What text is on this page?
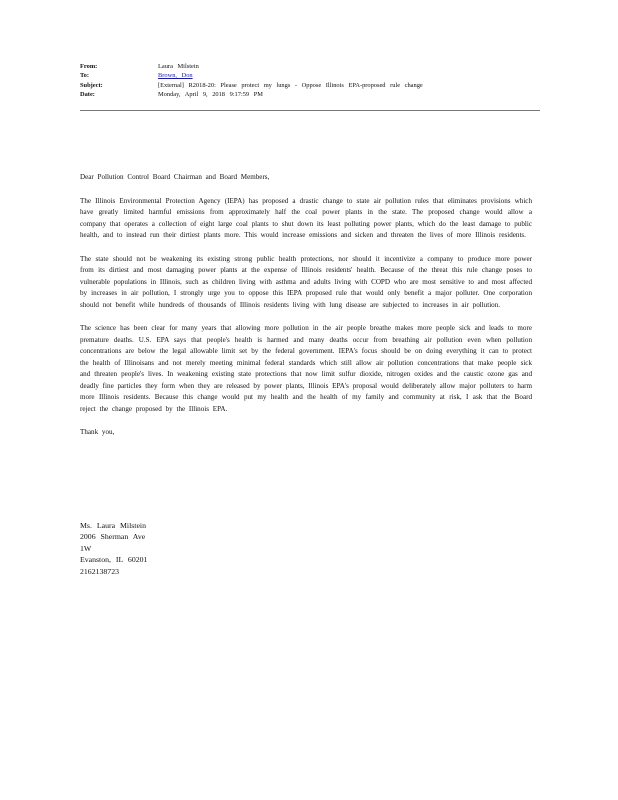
From:	Laura Milstein
To:	Brown, Don
Subject:	[External] R2018-20: Please protect my lungs - Oppose Illinois EPA-proposed rule change
Date:	Monday, April 9, 2018 9:17:59 PM

Dear Pollution Control Board Chairman and Board Members,

The Illinois Environmental Protection Agency (IEPA) has proposed a drastic change to state air pollution rules that eliminates provisions which have greatly limited harmful emissions from approximately half the coal power plants in the state. The proposed change would allow a company that operates a collection of eight large coal plants to shut down its least polluting power plants, which do the least damage to public health, and to instead run their dirtiest plants more. This would increase emissions and sicken and threaten the lives of more Illinois residents.

The state should not be weakening its existing strong public health protections, nor should it incentivize a company to produce more power from its dirtiest and most damaging power plants at the expense of Illinois residents' health. Because of the threat this rule change poses to vulnerable populations in Illinois, such as children living with asthma and adults living with COPD who are most sensitive to and most affected by increases in air pollution, I strongly urge you to oppose this IEPA proposed rule that would only benefit a major polluter. One corporation should not benefit while hundreds of thousands of Illinois residents living with lung disease are subjected to increases in air pollution.

The science has been clear for many years that allowing more pollution in the air people breathe makes more people sick and leads to more premature deaths. U.S. EPA says that people's health is harmed and many deaths occur from breathing air pollution even when pollution concentrations are below the legal allowable limit set by the federal government. IEPA's focus should be on doing everything it can to protect the health of Illinoisans and not merely meeting minimal federal standards which still allow air pollution concentrations that make people sick and threaten people's lives. In weakening existing state protections that now limit sulfur dioxide, nitrogen oxides and the caustic ozone gas and deadly fine particles they form when they are released by power plants, Illinois EPA's proposal would deliberately allow major polluters to harm more Illinois residents. Because this change would put my health and the health of my family and community at risk, I ask that the Board reject the change proposed by the Illinois EPA.

Thank you,

Ms. Laura Milstein
2006 Sherman Ave
1W
Evanston, IL 60201
2162138723
